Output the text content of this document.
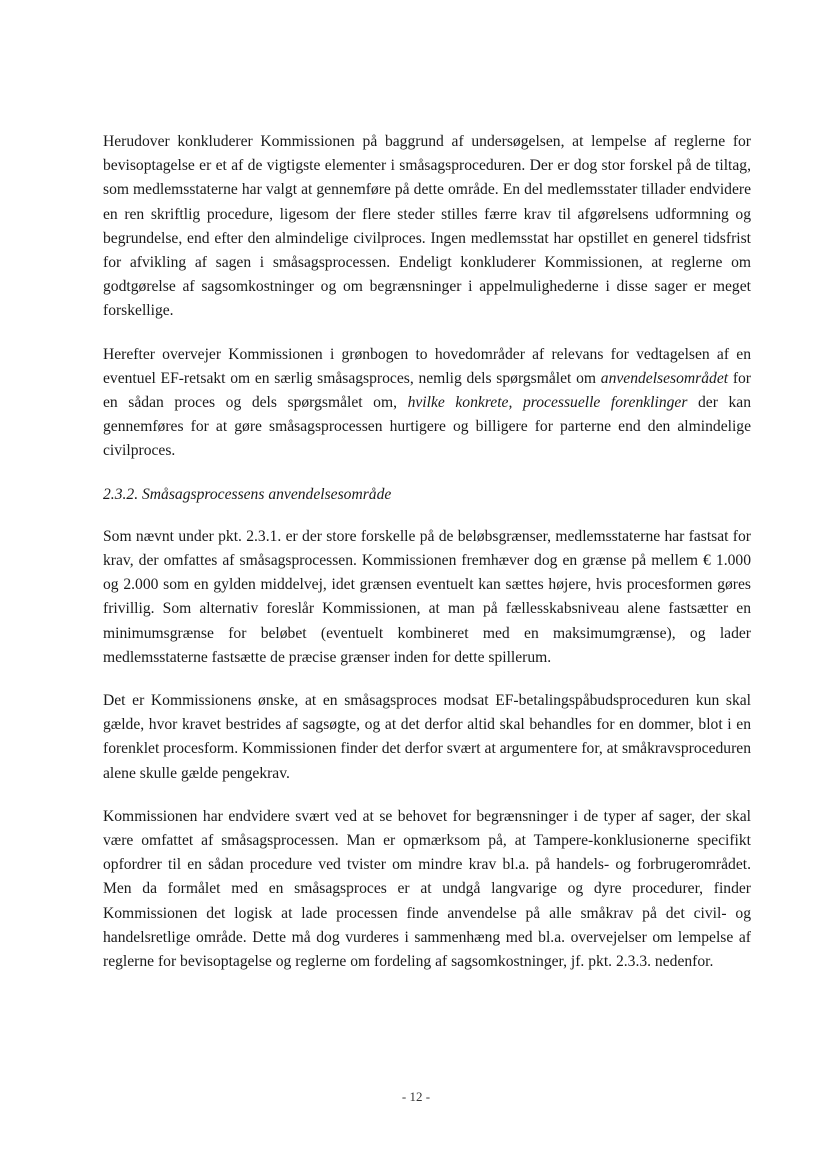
Herudover konkluderer Kommissionen på baggrund af undersøgelsen, at lempelse af reglerne for bevisoptagelse er et af de vigtigste elementer i småsagsproceduren. Der er dog stor forskel på de tiltag, som medlemsstaterne har valgt at gennemføre på dette område. En del medlemsstater tillader endvidere en ren skriftlig procedure, ligesom der flere steder stilles færre krav til afgørelsens udformning og begrundelse, end efter den almindelige civilproces. Ingen medlemsstat har opstillet en generel tidsfrist for afvikling af sagen i småsagsprocessen. Endeligt konkluderer Kommissionen, at reglerne om godtgørelse af sagsomkostninger og om begrænsninger i appelmulighederne i disse sager er meget forskellige.

Herefter overvejer Kommissionen i grønbogen to hovedområder af relevans for vedtagelsen af en eventuel EF-retsakt om en særlig småsagsproces, nemlig dels spørgsmålet om anvendelsesområdet for en sådan proces og dels spørgsmålet om, hvilke konkrete, processuelle forenklinger der kan gennemføres for at gøre småsagsprocessen hurtigere og billigere for parterne end den almindelige civilproces.

2.3.2. Småsagsprocessens anvendelsesområde

Som nævnt under pkt. 2.3.1. er der store forskelle på de beløbsgrænser, medlemsstaterne har fastsat for krav, der omfattes af småsagsprocessen. Kommissionen fremhæver dog en grænse på mellem € 1.000 og 2.000 som en gylden middelvej, idet grænsen eventuelt kan sættes højere, hvis procesformen gøres frivillig. Som alternativ foreslår Kommissionen, at man på fællesskabsniveau alene fastsætter en minimumsgrænse for beløbet (eventuelt kombineret med en maksimumgrænse), og lader medlemsstaterne fastsætte de præcise grænser inden for dette spillerum.

Det er Kommissionens ønske, at en småsagsproces modsat EF-betalingspåbudsproceduren kun skal gælde, hvor kravet bestrides af sagsøgte, og at det derfor altid skal behandles for en dommer, blot i en forenklet procesform. Kommissionen finder det derfor svært at argumentere for, at småkravsproceduren alene skulle gælde pengekrav.

Kommissionen har endvidere svært ved at se behovet for begrænsninger i de typer af sager, der skal være omfattet af småsagsprocessen. Man er opmærksom på, at Tampere-konklusionerne specifikt opfordrer til en sådan procedure ved tvister om mindre krav bl.a. på handels- og forbrugerområdet. Men da formålet med en småsagsproces er at undgå langvarige og dyre procedurer, finder Kommissionen det logisk at lade processen finde anvendelse på alle småkrav på det civil- og handelsretlige område. Dette må dog vurderes i sammenhæng med bl.a. overvejelser om lempelse af reglerne for bevisoptagelse og reglerne om fordeling af sagsomkostninger, jf. pkt. 2.3.3. nedenfor.

- 12 -
